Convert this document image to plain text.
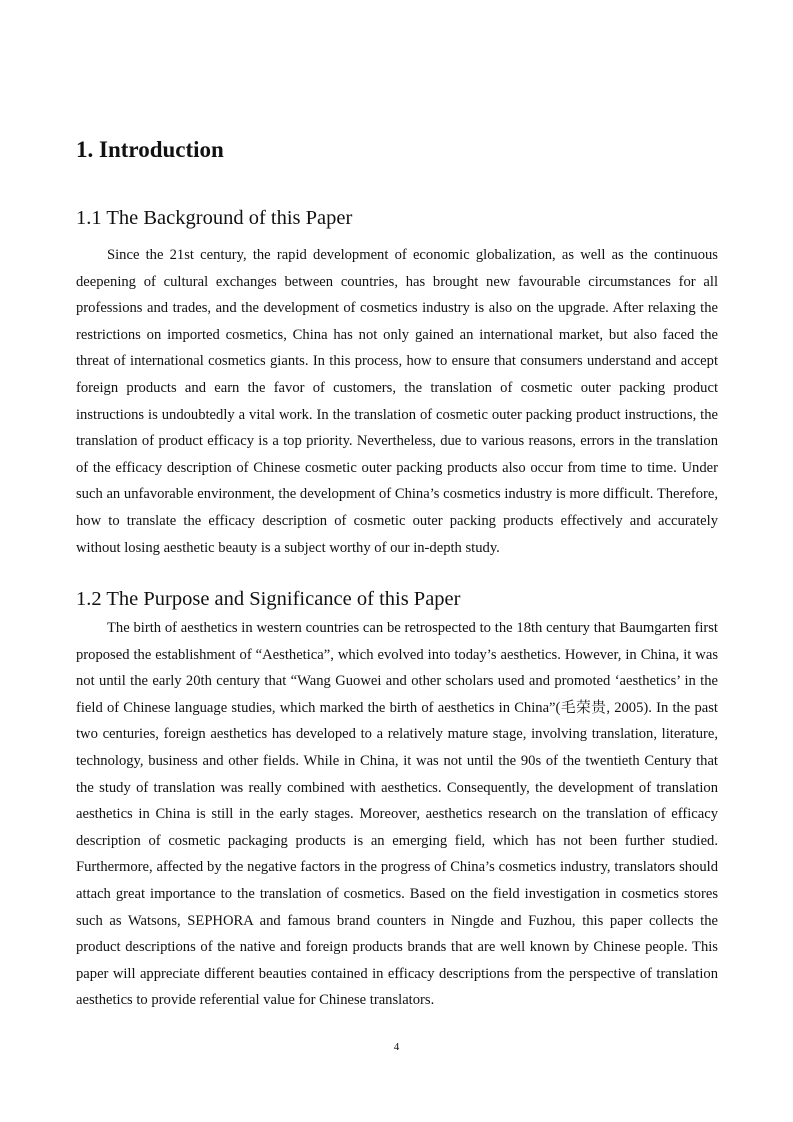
1. Introduction
1.1 The Background of this Paper

Since the 21st century, the rapid development of economic globalization, as well as the continuous deepening of cultural exchanges between countries, has brought new favourable circumstances for all professions and trades, and the development of cosmetics industry is also on the upgrade. After relaxing the restrictions on imported cosmetics, China has not only gained an international market, but also faced the threat of international cosmetics giants. In this process, how to ensure that consumers understand and accept foreign products and earn the favor of customers, the translation of cosmetic outer packing product instructions is undoubtedly a vital work. In the translation of cosmetic outer packing product instructions, the translation of product efficacy is a top priority. Nevertheless, due to various reasons, errors in the translation of the efficacy description of Chinese cosmetic outer packing products also occur from time to time. Under such an unfavorable environment, the development of China’s cosmetics industry is more difficult. Therefore, how to translate the efficacy description of cosmetic outer packing products effectively and accurately without losing aesthetic beauty is a subject worthy of our in-depth study.

1.2 The Purpose and Significance of this Paper

The birth of aesthetics in western countries can be retrospected to the 18th century that Baumgarten first proposed the establishment of “Aesthetica”, which evolved into today’s aesthetics. However, in China, it was not until the early 20th century that “Wang Guowei and other scholars used and promoted ‘aesthetics’ in the field of Chinese language studies, which marked the birth of aesthetics in China”(毛荣贵, 2005). In the past two centuries, foreign aesthetics has developed to a relatively mature stage, involving translation, literature, technology, business and other fields. While in China, it was not until the 90s of the twentieth Century that the study of translation was really combined with aesthetics. Consequently, the development of translation aesthetics in China is still in the early stages. Moreover, aesthetics research on the translation of efficacy description of cosmetic packaging products is an emerging field, which has not been further studied. Furthermore, affected by the negative factors in the progress of China’s cosmetics industry, translators should attach great importance to the translation of cosmetics. Based on the field investigation in cosmetics stores such as Watsons, SEPHORA and famous brand counters in Ningde and Fuzhou, this paper collects the product descriptions of the native and foreign products brands that are well known by Chinese people. This paper will appreciate different beauties contained in efficacy descriptions from the perspective of translation aesthetics to provide referential value for Chinese translators.

4
